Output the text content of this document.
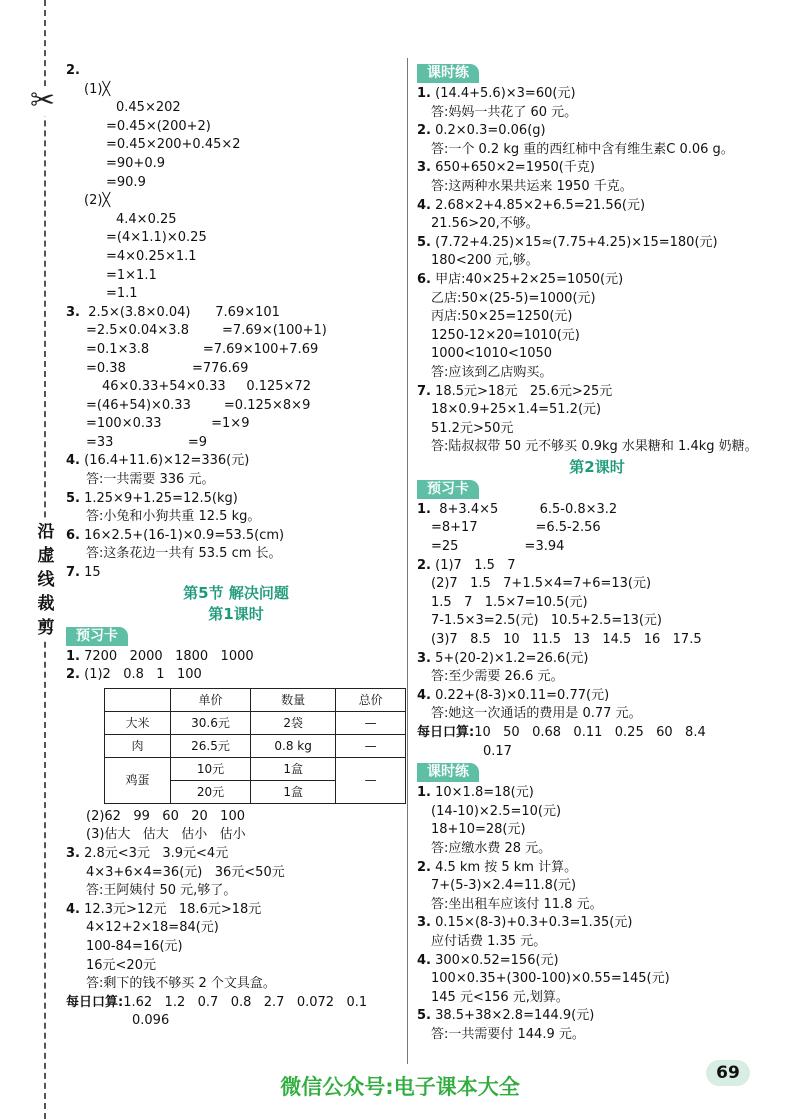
✂
沿
虚
线
裁
剪
2.
(1)╳
0.45×202
=0.45×(200+2)
=0.45×200+0.45×2
=90+0.9
=90.9
(2)╳
4.4×0.25
=(4×1.1)×0.25
=4×0.25×1.1
=1×1.1
=1.1
3.  2.5×(3.8×0.04)      7.69×101
=2.5×0.04×3.8        =7.69×(100+1)
=0.1×3.8             =7.69×100+7.69
=0.38                =776.69
46×0.33+54×0.33     0.125×72
=(46+54)×0.33        =0.125×8×9
=100×0.33            =1×9
=33                  =9
4. (16.4+11.6)×12=336(元)
答:一共需要 336 元。
5. 1.25×9+1.25=12.5(kg)
答:小兔和小狗共重 12.5 kg。
6. 16×2.5+(16-1)×0.9=53.5(cm)
答:这条花边一共有 53.5 cm 长。
7. 15
第5节 解决问题
第1课时
预习卡
1. 7200   2000   1800   1000
2. (1)2   0.8   1   100
	单价	数量	总价
大米	30.6元	2袋	—
肉	26.5元	0.8 kg	—
鸡蛋	10元	1盒	—
	20元	1盒	
(2)62   99   60   20   100
(3)估大   估大   估小   估小
3. 2.8元<3元   3.9元<4元
4×3+6×4=36(元)   36元<50元
答:王阿姨付 50 元,够了。
4. 12.3元>12元   18.6元>18元
4×12+2×18=84(元)
100-84=16(元)
16元<20元
答:剩下的钱不够买 2 个文具盒。
每日口算:1.62   1.2   0.7   0.8   2.7   0.072   0.1
0.096
课时练
1. (14.4+5.6)×3=60(元)
答:妈妈一共花了 60 元。
2. 0.2×0.3=0.06(g)
答:一个 0.2 kg 重的西红柿中含有维生素C 0.06 g。
3. 650+650×2=1950(千克)
答:这两种水果共运来 1950 千克。
4. 2.68×2+4.85×2+6.5=21.56(元)
21.56>20,不够。
5. (7.72+4.25)×15≈(7.75+4.25)×15=180(元)
180<200 元,够。
6. 甲店:40×25+2×25=1050(元)
乙店:50×(25-5)=1000(元)
丙店:50×25=1250(元)
1250-12×20=1010(元)
1000<1010<1050
答:应该到乙店购买。
7. 18.5元>18元   25.6元>25元
18×0.9+25×1.4=51.2(元)
51.2元>50元
答:陆叔叔带 50 元不够买 0.9kg 水果糖和 1.4kg 奶糖。
第2课时
预习卡
1.  8+3.4×5          6.5-0.8×3.2
=8+17              =6.5-2.56
=25                =3.94
2. (1)7   1.5   7
(2)7   1.5   7+1.5×4=7+6=13(元)
1.5   7   1.5×7=10.5(元)
7-1.5×3=2.5(元)   10.5+2.5=13(元)
(3)7   8.5   10   11.5   13   14.5   16   17.5
3. 5+(20-2)×1.2=26.6(元)
答:至少需要 26.6 元。
4. 0.22+(8-3)×0.11=0.77(元)
答:她这一次通话的费用是 0.77 元。
每日口算:10   50   0.68   0.11   0.25   60   8.4
0.17
课时练
1. 10×1.8=18(元)
(14-10)×2.5=10(元)
18+10=28(元)
答:应缴水费 28 元。
2. 4.5 km 按 5 km 计算。
7+(5-3)×2.4=11.8(元)
答:坐出租车应该付 11.8 元。
3. 0.15×(8-3)+0.3+0.3=1.35(元)
应付话费 1.35 元。
4. 300×0.52=156(元)
100×0.35+(300-100)×0.55=145(元)
145 元<156 元,划算。
5. 38.5+38×2.8=144.9(元)
答:一共需要付 144.9 元。
微信公众号:电子课本大全
69
